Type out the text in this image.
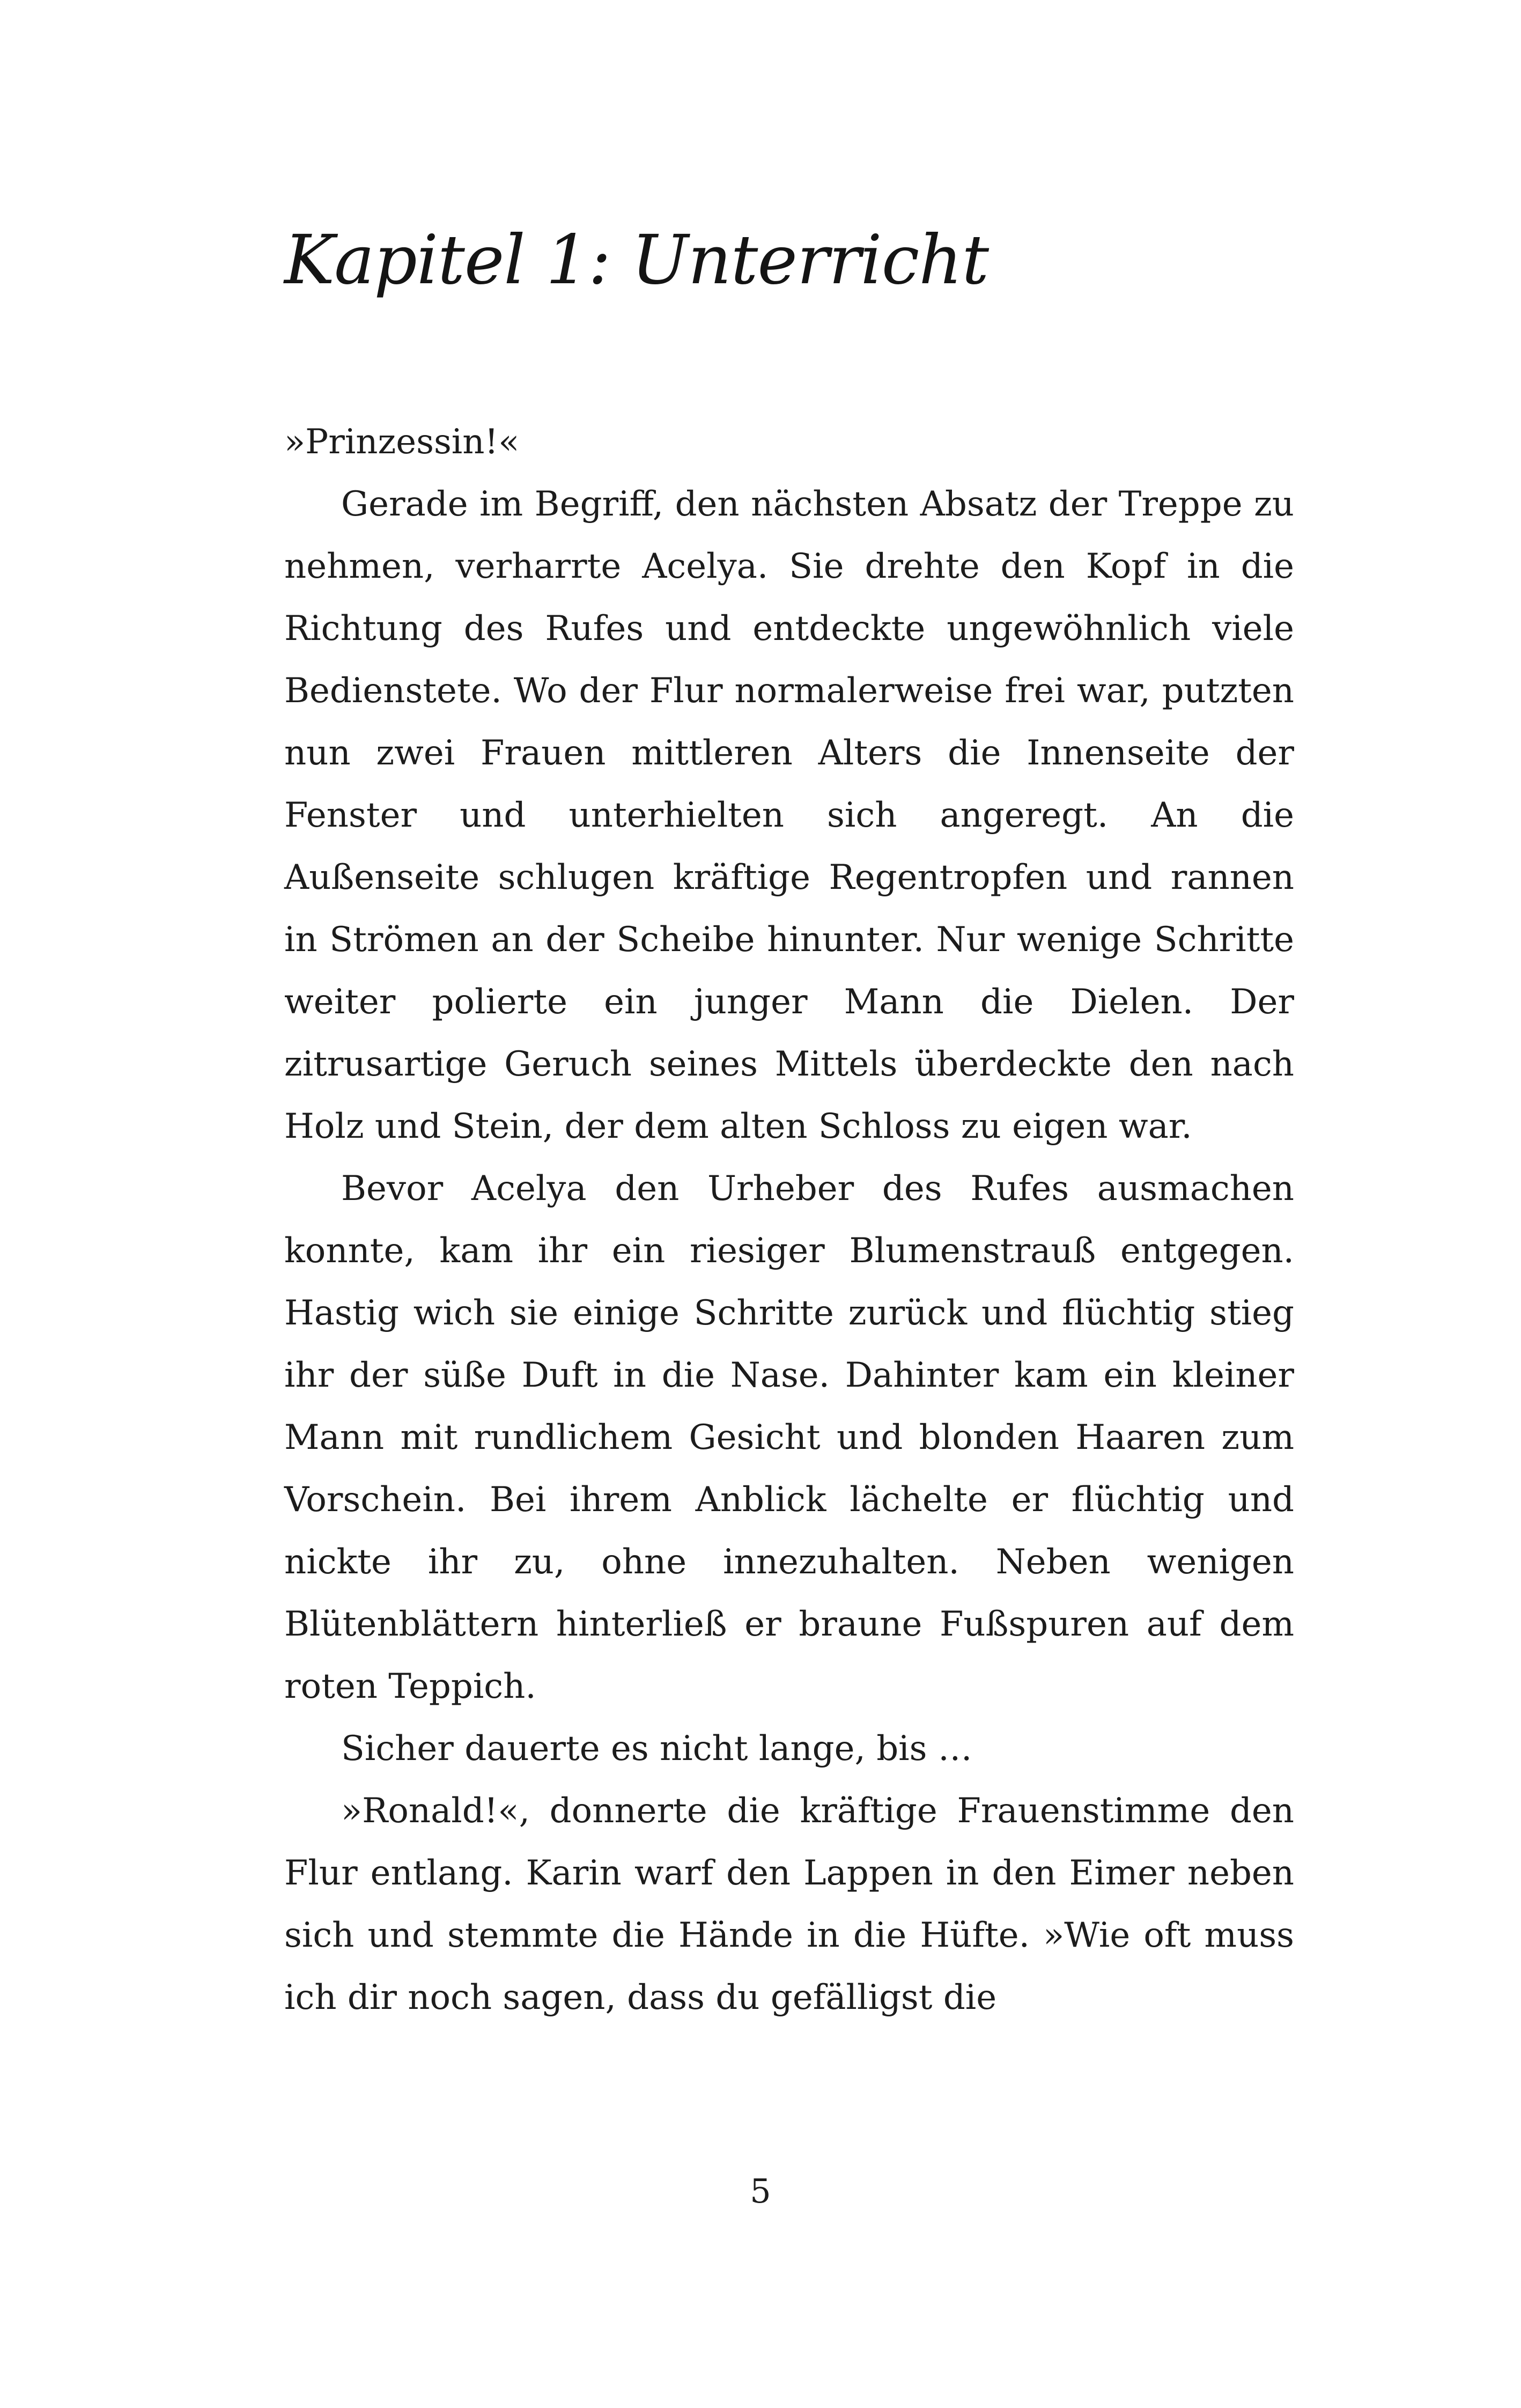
Kapitel 1: Unterricht

»Prinzessin!«

Gerade im Begriff, den nächsten Absatz der Treppe zu nehmen, verharrte Acelya. Sie drehte den Kopf in die Richtung des Rufes und entdeckte ungewöhnlich viele Bedienstete. Wo der Flur normalerweise frei war, putzten nun zwei Frauen mittleren Alters die Innenseite der Fenster und unterhielten sich angeregt. An die Außenseite schlugen kräftige Regentropfen und rannen in Strömen an der Scheibe hinunter. Nur wenige Schritte weiter polierte ein junger Mann die Dielen. Der zitrusartige Geruch seines Mittels überdeckte den nach Holz und Stein, der dem alten Schloss zu eigen war.

Bevor Acelya den Urheber des Rufes ausmachen konnte, kam ihr ein riesiger Blumenstrauß entgegen. Hastig wich sie einige Schritte zurück und flüchtig stieg ihr der süße Duft in die Nase. Dahinter kam ein kleiner Mann mit rundlichem Gesicht und blonden Haaren zum Vorschein. Bei ihrem Anblick lächelte er flüchtig und nickte ihr zu, ohne innezuhalten. Neben wenigen Blütenblättern hinterließ er braune Fußspuren auf dem roten Teppich.

Sicher dauerte es nicht lange, bis …

»Ronald!«, donnerte die kräftige Frauenstimme den Flur entlang. Karin warf den Lappen in den Eimer neben sich und stemmte die Hände in die Hüfte. »Wie oft muss ich dir noch sagen, dass du gefälligst die

5
